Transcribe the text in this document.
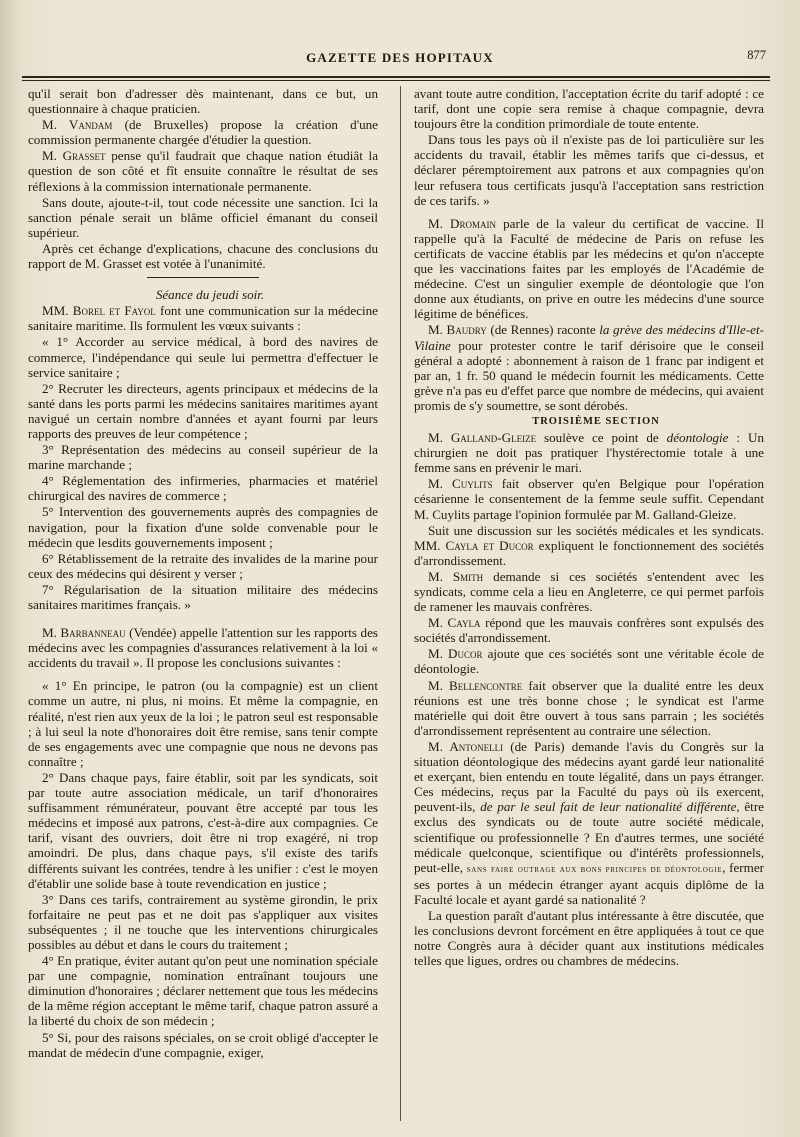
GAZETTE DES HOPITAUX	877

qu'il serait bon d'adresser dès maintenant, dans ce but, un questionnaire à chaque praticien.

M. Vandam (de Bruxelles) propose la création d'une commission permanente chargée d'étudier la question.

M. Grasset pense qu'il faudrait que chaque nation étudiât la question de son côté et fît ensuite connaître le résultat de ses réflexions à la commission internationale permanente.

Sans doute, ajoute-t-il, tout code nécessite une sanction. Ici la sanction pénale serait un blâme officiel émanant du conseil supérieur.

Après cet échange d'explications, chacune des conclusions du rapport de M. Grasset est votée à l'unanimité.

Séance du jeudi soir.

MM. Borel et Fayol font une communication sur la médecine sanitaire maritime. Ils formulent les vœux suivants :

« 1° Accorder au service médical, à bord des navires de commerce, l'indépendance qui seule lui permettra d'effectuer le service sanitaire ;

2° Recruter les directeurs, agents principaux et médecins de la santé dans les ports parmi les médecins sanitaires maritimes ayant navigué un certain nombre d'années et ayant fourni par leurs rapports des preuves de leur compétence ;

3° Représentation des médecins au conseil supérieur de la marine marchande ;

4° Réglementation des infirmeries, pharmacies et matériel chirurgical des navires de commerce ;

5° Intervention des gouvernements auprès des compagnies de navigation, pour la fixation d'une solde convenable pour le médecin que lesdits gouvernements imposent ;

6° Rétablissement de la retraite des invalides de la marine pour ceux des médecins qui désirent y verser ;

7° Régularisation de la situation militaire des médecins sanitaires maritimes français. »

M. Barbanneau (Vendée) appelle l'attention sur les rapports des médecins avec les compagnies d'assurances relativement à la loi « accidents du travail ». Il propose les conclusions suivantes :

« 1° En principe, le patron (ou la compagnie) est un client comme un autre, ni plus, ni moins. Et même la compagnie, en réalité, n'est rien aux yeux de la loi ; le patron seul est responsable ; à lui seul la note d'honoraires doit être remise, sans tenir compte de ses engagements avec une compagnie que nous ne devons pas connaître ;

2° Dans chaque pays, faire établir, soit par les syndicats, soit par toute autre association médicale, un tarif d'honoraires suffisamment rémunérateur, pouvant être accepté par tous les médecins et imposé aux patrons, c'est-à-dire aux compagnies. Ce tarif, visant des ouvriers, doit être ni trop exagéré, ni trop amoindri. De plus, dans chaque pays, s'il existe des tarifs différents suivant les contrées, tendre à les unifier : c'est le moyen d'établir une solide base à toute revendication en justice ;

3° Dans ces tarifs, contrairement au système girondin, le prix forfaitaire ne peut pas et ne doit pas s'appliquer aux visites subséquentes ; il ne touche que les interventions chirurgicales possibles au début et dans le cours du traitement ;

4° En pratique, éviter autant qu'on peut une nomination spéciale par une compagnie, nomination entraînant toujours une diminution d'honoraires ; déclarer nettement que tous les médecins de la même région acceptant le même tarif, chaque patron assuré a la liberté du choix de son médecin ;

5° Si, pour des raisons spéciales, on se croit obligé d'accepter le mandat de médecin d'une compagnie, exiger,

avant toute autre condition, l'acceptation écrite du tarif adopté : ce tarif, dont une copie sera remise à chaque compagnie, devra toujours être la condition primordiale de toute entente.

Dans tous les pays où il n'existe pas de loi particulière sur les accidents du travail, établir les mêmes tarifs que ci-dessus, et déclarer péremptoirement aux patrons et aux compagnies qu'on leur refusera tous certificats jusqu'à l'acceptation sans restriction de ces tarifs. »

M. Dromain parle de la valeur du certificat de vaccine. Il rappelle qu'à la Faculté de médecine de Paris on refuse les certificats de vaccine établis par les médecins et qu'on n'accepte que les vaccinations faites par les employés de l'Académie de médecine. C'est un singulier exemple de déontologie que l'on donne aux étudiants, on prive en outre les médecins d'une source légitime de bénéfices.

M. Baudry (de Rennes) raconte la grève des médecins d'Ille-et-Vilaine pour protester contre le tarif dérisoire que le conseil général a adopté : abonnement à raison de 1 franc par indigent et par an, 1 fr. 50 quand le médecin fournit les médicaments. Cette grève n'a pas eu d'effet parce que nombre de médecins, qui avaient promis de s'y soumettre, se sont dérobés.

TROISIÈME SECTION

M. Galland-Gleize soulève ce point de déontologie : Un chirurgien ne doit pas pratiquer l'hystérectomie totale à une femme sans en prévenir le mari.

M. Cuylits fait observer qu'en Belgique pour l'opération césarienne le consentement de la femme seule suffit. Cependant M. Cuylits partage l'opinion formulée par M. Galland-Gleize.

Suit une discussion sur les sociétés médicales et les syndicats. MM. Cayla et Ducor expliquent le fonctionnement des sociétés d'arrondissement.

M. Smith demande si ces sociétés s'entendent avec les syndicats, comme cela a lieu en Angleterre, ce qui permet parfois de ramener les mauvais confrères.

M. Cayla répond que les mauvais confrères sont expulsés des sociétés d'arrondissement.

M. Ducor ajoute que ces sociétés sont une véritable école de déontologie.

M. Bellencontre fait observer que la dualité entre les deux réunions est une très bonne chose ; le syndicat est l'arme matérielle qui doit être ouvert à tous sans parrain ; les sociétés d'arrondissement représentent au contraire une sélection.

M. Antonelli (de Paris) demande l'avis du Congrès sur la situation déontologique des médecins ayant gardé leur nationalité et exerçant, bien entendu en toute légalité, dans un pays étranger. Ces médecins, reçus par la Faculté du pays où ils exercent, peuvent-ils, de par le seul fait de leur nationalité différente, être exclus des syndicats ou de toute autre société médicale, scientifique ou professionnelle ? En d'autres termes, une société médicale quelconque, scientifique ou d'intérêts professionnels, peut-elle, sans faire outrage aux bons principes de déontologie, fermer ses portes à un médecin étranger ayant acquis diplôme de la Faculté locale et ayant gardé sa nationalité ?

La question paraît d'autant plus intéressante à être discutée, que les conclusions devront forcément en être appliquées à tout ce que notre Congrès aura à décider quant aux institutions médicales telles que ligues, ordres ou chambres de médecins.
